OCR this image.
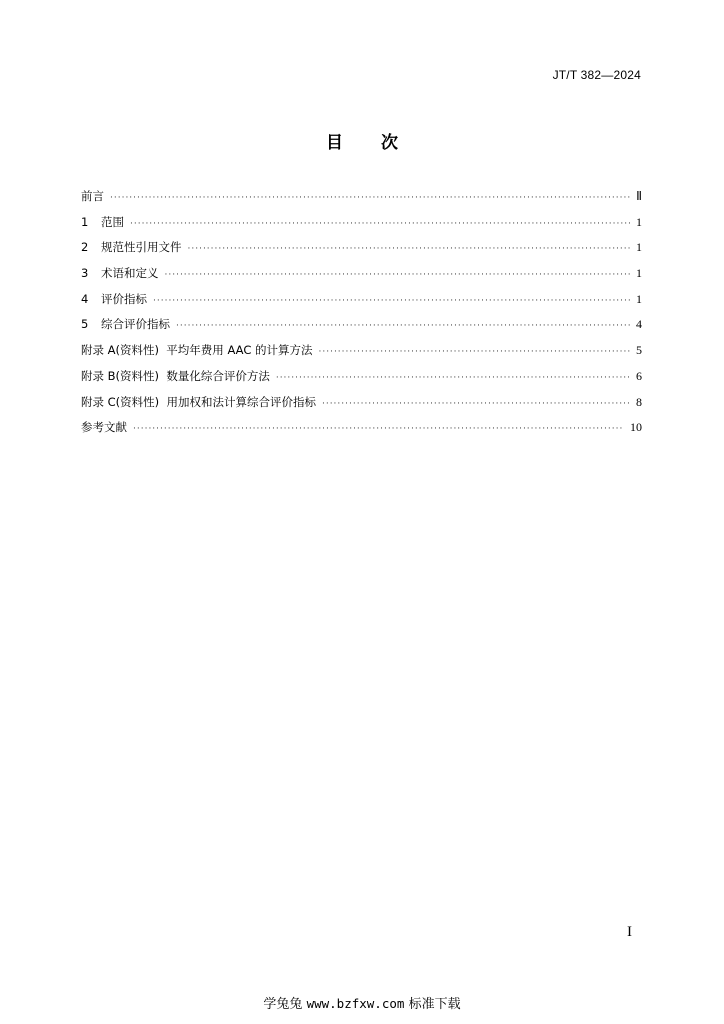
JT/T 382—2024
目 次
前言 ·····	Ⅱ
1	范围 ·····	1
2	规范性引用文件 ·····	1
3	术语和定义 ·····	1
4	评价指标 ·····	1
5	综合评价指标 ·····	4
附录 A(资料性)  平均年费用 AAC 的计算方法 ·····	5
附录 B(资料性)  数量化综合评价方法 ·····	6
附录 C(资料性)  用加权和法计算综合评价指标 ·····	8
参考文献 ·····	10
I
学兔兔 www.bzfxw.com 标准下载
